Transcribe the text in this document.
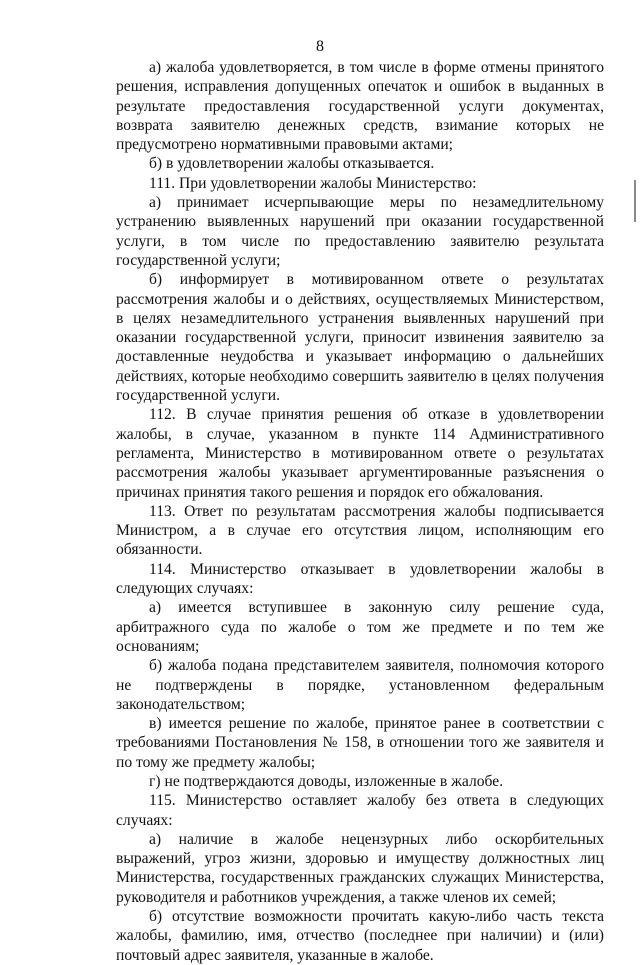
8

а) жалоба удовлетворяется, в том числе в форме отмены принятого решения, исправления допущенных опечаток и ошибок в выданных в результате предоставления государственной услуги документах, возврата заявителю денежных средств, взимание которых не предусмотрено нормативными правовыми актами;

б) в удовлетворении жалобы отказывается.

111. При удовлетворении жалобы Министерство:

а) принимает исчерпывающие меры по незамедлительному устранению выявленных нарушений при оказании государственной услуги, в том числе по предоставлению заявителю результата государственной услуги;

б) информирует в мотивированном ответе о результатах рассмотрения жалобы и о действиях, осуществляемых Министерством, в целях незамедлительного устранения выявленных нарушений при оказании государственной услуги, приносит извинения заявителю за доставленные неудобства и указывает информацию о дальнейших действиях, которые необходимо совершить заявителю в целях получения государственной услуги.

112. В случае принятия решения об отказе в удовлетворении жалобы, в случае, указанном в пункте 114 Административного регламента, Министерство в мотивированном ответе о результатах рассмотрения жалобы указывает аргументированные разъяснения о причинах принятия такого решения и порядок его обжалования.

113. Ответ по результатам рассмотрения жалобы подписывается Министром, а в случае его отсутствия лицом, исполняющим его обязанности.

114. Министерство отказывает в удовлетворении жалобы в следующих случаях:

а) имеется вступившее в законную силу решение суда, арбитражного суда по жалобе о том же предмете и по тем же основаниям;

б) жалоба подана представителем заявителя, полномочия которого не подтверждены в порядке, установленном федеральным законодательством;

в) имеется решение по жалобе, принятое ранее в соответствии с требованиями Постановления № 158, в отношении того же заявителя и по тому же предмету жалобы;

г) не подтверждаются доводы, изложенные в жалобе.

115. Министерство оставляет жалобу без ответа в следующих случаях:

а) наличие в жалобе нецензурных либо оскорбительных выражений, угроз жизни, здоровью и имуществу должностных лиц Министерства, государственных гражданских служащих Министерства, руководителя и работников учреждения, а также членов их семей;

б) отсутствие возможности прочитать какую-либо часть текста жалобы, фамилию, имя, отчество (последнее при наличии) и (или) почтовый адрес заявителя, указанные в жалобе.
